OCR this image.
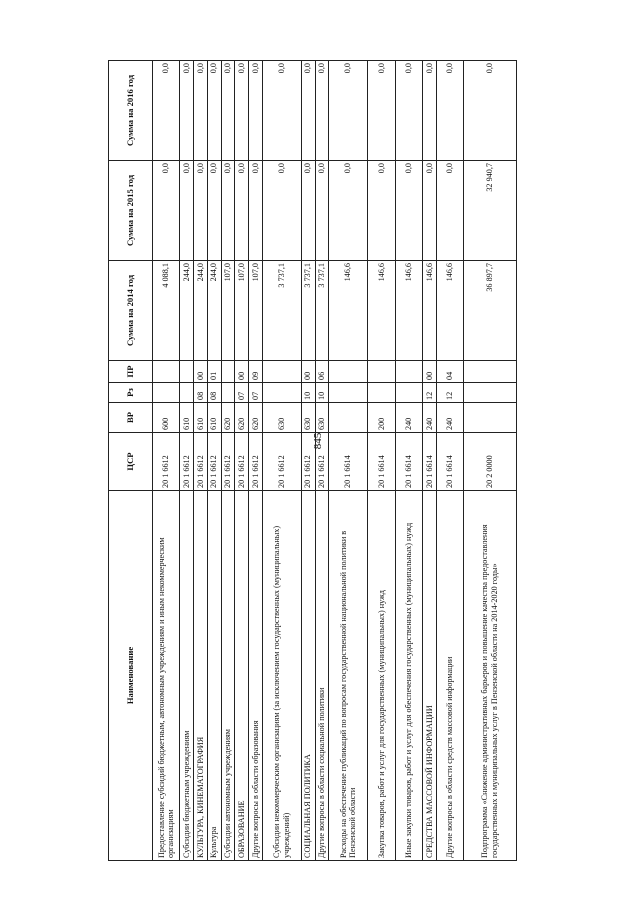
845
Наименование	ЦСР	ВР	Рз	ПР	Сумма на 2014 год	Сумма на 2015 год	Сумма на 2016 год
Предоставление субсидий бюджетным, автономным учреждениям и иным некоммерческим организациям	20 1 6612	600			4 088,1	0,0	0,0
Субсидии бюджетным учреждениям	20 1 6612	610			244,0	0,0	0,0
КУЛЬТУРА, КИНЕМАТОГРАФИЯ	20 1 6612	610	08	00	244,0	0,0	0,0
Культура	20 1 6612	610	08	01	244,0	0,0	0,0
Субсидии автономным учреждениям	20 1 6612	620			107,0	0,0	0,0
ОБРАЗОВАНИЕ	20 1 6612	620	07	00	107,0	0,0	0,0
Другие вопросы в области образования	20 1 6612	620	07	09	107,0	0,0	0,0
Субсидии некоммерческим организациям (за исключением государственных (муниципальных) учреждений)	20 1 6612	630			3 737,1	0,0	0,0
СОЦИАЛЬНАЯ ПОЛИТИКА	20 1 6612	630	10	00	3 737,1	0,0	0,0
Другие вопросы в области социальной политики	20 1 6612	630	10	06	3 737,1	0,0	0,0
Расходы на обеспечение публикаций по вопросам государственной национальной политики в Пензенской области	20 1 6614				146,6	0,0	0,0
Закупка товаров, работ и услуг для государственных (муниципальных) нужд	20 1 6614	200			146,6	0,0	0,0
Иные закупки товаров, работ и услуг для обеспечения государственных (муниципальных) нужд	20 1 6614	240			146,6	0,0	0,0
СРЕДСТВА МАССОВОЙ ИНФОРМАЦИИ	20 1 6614	240	12	00	146,6	0,0	0,0
Другие вопросы в области средств массовой информации	20 1 6614	240	12	04	146,6	0,0	0,0
Подпрограмма «Снижение административных барьеров и повышение качества предоставления государственных и муниципальных услуг в Пензенской области на 2014-2020 годы»	20 2 0000				36 897,7	32 940,7	0,0
